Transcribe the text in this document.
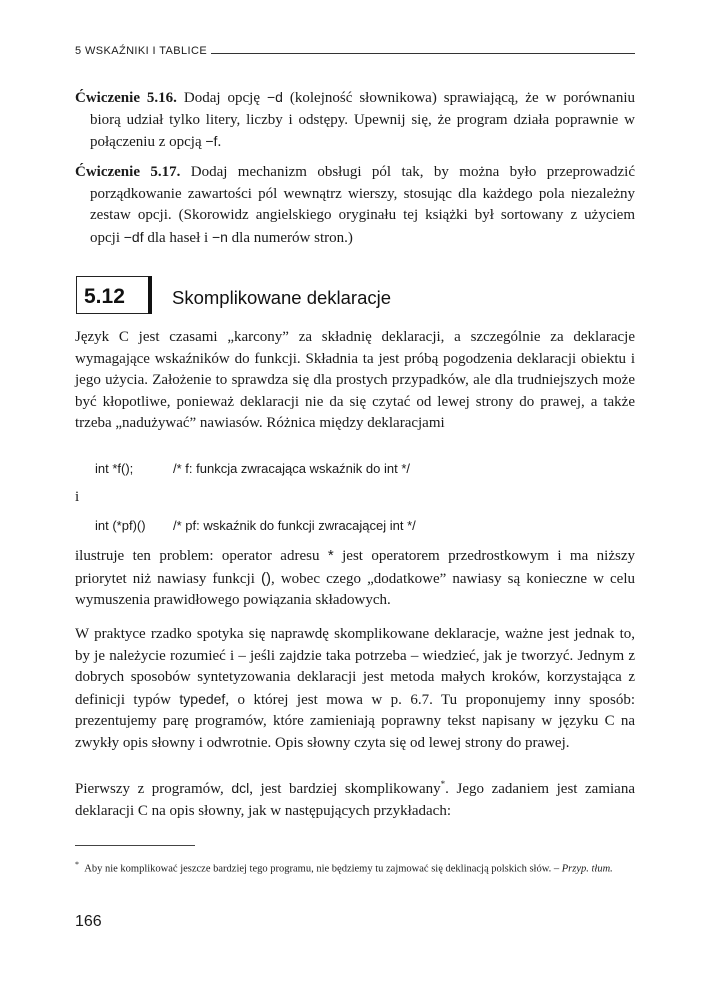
5 WSKAŹNIKI I TABLICE

Ćwiczenie 5.16. Dodaj opcję −d (kolejność słownikowa) sprawiającą, że w porównaniu biorą udział tylko litery, liczby i odstępy. Upewnij się, że program działa poprawnie w połączeniu z opcją −f.

Ćwiczenie 5.17. Dodaj mechanizm obsługi pól tak, by można było przeprowadzić porządkowanie zawartości pól wewnątrz wierszy, stosując dla każdego pola niezależny zestaw opcji. (Skorowidz angielskiego oryginału tej książki był sortowany z użyciem opcji −df dla haseł i −n dla numerów stron.)

5.12	Skomplikowane deklaracje

Język C jest czasami „karcony” za składnię deklaracji, a szczególnie za deklaracje wymagające wskaźników do funkcji. Składnia ta jest próbą pogodzenia deklaracji obiektu i jego użycia. Założenie to sprawdza się dla prostych przypadków, ale dla trudniejszych może być kłopotliwe, ponieważ deklaracji nie da się czytać od lewej strony do prawej, a także trzeba „nadużywać” nawiasów. Różnica między deklaracjami

int *f();	/* f: funkcja zwracająca wskaźnik do int */
i
int (*pf)() /* pf: wskaźnik do funkcji zwracającej int */

ilustruje ten problem: operator adresu * jest operatorem przedrostkowym i ma niższy priorytet niż nawiasy funkcji (), wobec czego „dodatkowe” nawiasy są konieczne w celu wymuszenia prawidłowego powiązania składowych.

W praktyce rzadko spotyka się naprawdę skomplikowane deklaracje, ważne jest jednak to, by je należycie rozumieć i – jeśli zajdzie taka potrzeba – wiedzieć, jak je tworzyć. Jednym z dobrych sposobów syntetyzowania deklaracji jest metoda małych kroków, korzystająca z definicji typów typedef, o której jest mowa w p. 6.7. Tu proponujemy inny sposób: prezentujemy parę programów, które zamieniają poprawny tekst napisany w języku C na zwykły opis słowny i odwrotnie. Opis słowny czyta się od lewej strony do prawej.

Pierwszy z programów, dcl, jest bardziej skomplikowany*. Jego zadaniem jest zamiana deklaracji C na opis słowny, jak w następujących przykładach:

* Aby nie komplikować jeszcze bardziej tego programu, nie będziemy tu zajmować się deklinacją polskich słów. – Przyp. tłum.

166
